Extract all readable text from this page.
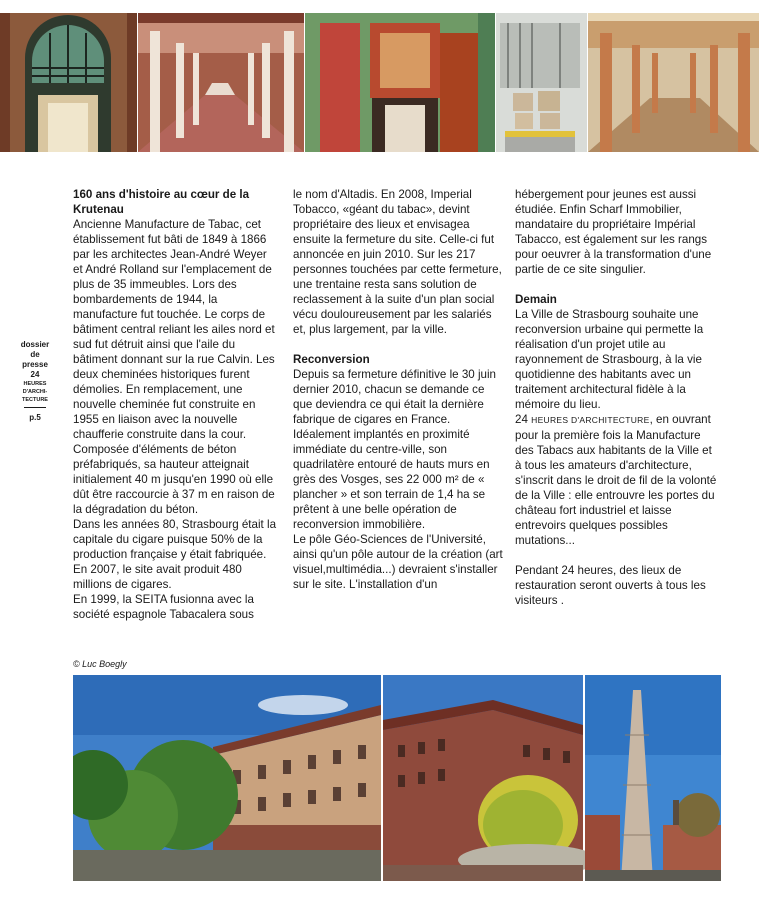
dossier
de
presse
24
HEURES
D'ARCHI-
TECTURE
p.5
160 ans d'histoire au cœur de la Krutenau

Ancienne Manufacture de Tabac, cet établissement fut bâti de 1849 à 1866 par les architectes Jean-André Weyer et André Rolland sur l'emplacement de plus de 35 immeubles. Lors des bombardements de 1944, la manufacture fut touchée. Le corps de bâtiment central reliant les ailes nord et sud fut détruit ainsi que l'aile du bâtiment donnant sur la rue Calvin. Les deux cheminées historiques furent démolies. En remplacement, une nouvelle cheminée fut construite en 1955 en liaison avec la nouvelle chaufferie construite dans la cour. Composée d'éléments de béton préfabriqués, sa hauteur atteignait initialement 40 m jusqu'en 1990 où elle dût être raccourcie à 37 m en raison de la dégradation du béton.

Dans les années 80, Strasbourg était la capitale du cigare puisque 50% de la production française y était fabriquée. En 2007, le site avait produit 480 millions de cigares.

En 1999, la SEITA fusionna avec la société espagnole Tabacalera sous

le nom d'Altadis. En 2008, Imperial Tobacco, «géant du tabac», devint propriétaire des lieux et envisagea ensuite la fermeture du site. Celle-ci fut annoncée en juin 2010. Sur les 217 personnes touchées par cette fermeture, une trentaine resta sans solution de reclassement à la suite d'un plan social vécu douloureusement par les salariés et, plus largement, par la ville.

Reconversion

Depuis sa fermeture définitive le 30 juin dernier 2010, chacun se demande ce que deviendra ce qui était la dernière fabrique de cigares en France.

Idéalement implantés en proximité immédiate du centre-ville, son quadrilatère entouré de hauts murs en grès des Vosges, ses 22 000 m² de « plancher » et son terrain de 1,4 ha se prêtent à une belle opération de reconversion immobilière.

Le pôle Géo-Sciences de l'Université, ainsi qu'un pôle autour de la création (art visuel,multimédia...) devraient s'installer sur le site. L'installation d'un

hébergement pour jeunes est aussi étudiée. Enfin Scharf Immobilier, mandataire du propriétaire Impérial Tabacco, est également sur les rangs pour oeuvrer à la transformation d'une partie de ce site singulier.

Demain

La Ville de Strasbourg souhaite une reconversion urbaine qui permette la réalisation d'un projet utile au rayonnement de Strasbourg, à la vie quotidienne des habitants avec un traitement architectural fidèle à la mémoire du lieu.

24 HEURES D'ARCHITECTURE, en ouvrant pour la première fois la Manufacture des Tabacs aux habitants de la Ville et à tous les amateurs d'architecture, s'inscrit dans le droit de fil de la volonté de la Ville : elle entrouvre les portes du château fort industriel et laisse entrevoirs quelques possibles mutations...

Pendant 24 heures, des lieux de restauration seront ouverts à tous les visiteurs .

© Luc Boegly
